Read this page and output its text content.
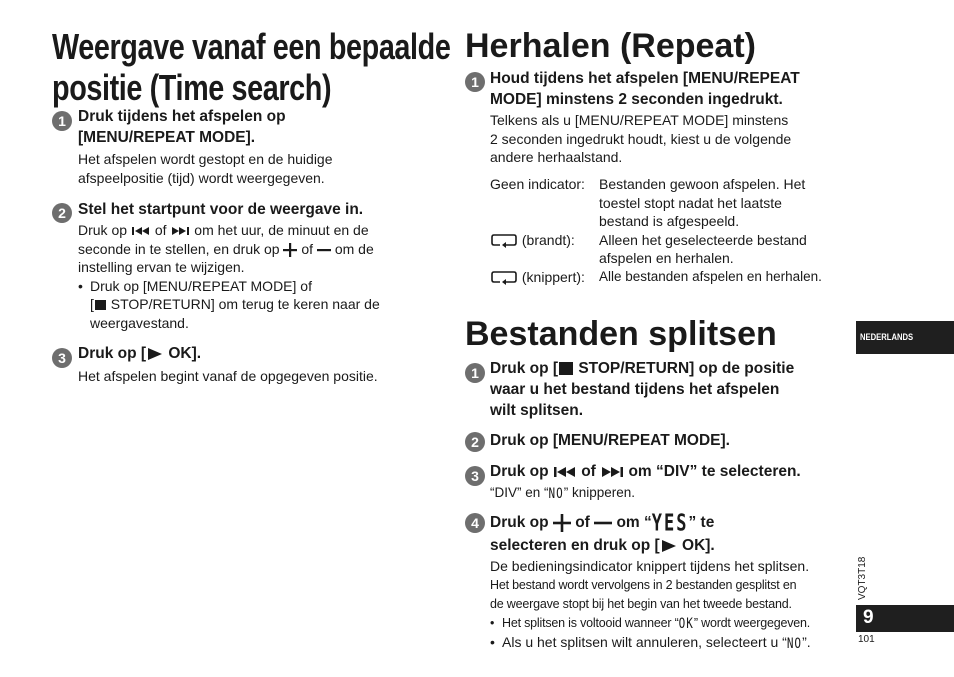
Weergave vanaf een bepaalde
positie (Time search)
1 Druk tijdens het afspelen op
[MENU/REPEAT MODE].
Het afspelen wordt gestopt en de huidige
afspeelpositie (tijd) wordt weergegeven.
2 Stel het startpunt voor de weergave in.
Druk op of om het uur, de minuut en de
seconde in te stellen, en druk op of om de
instelling ervan te wijzigen.
• Druk op [MENU/REPEAT MODE] of
[ STOP/RETURN] om terug te keren naar de
weergavestand.
3 Druk op [ OK].
Het afspelen begint vanaf de opgegeven positie.
Herhalen (Repeat)
1 Houd tijdens het afspelen [MENU/REPEAT
MODE] minstens 2 seconden ingedrukt.
Telkens als u [MENU/REPEAT MODE] minstens
2 seconden ingedrukt houdt, kiest u de volgende
andere herhaalstand.
Geen indicator:	Bestanden gewoon afspelen. Het
toestel stopt nadat het laatste
bestand is afgespeeld.
(brandt):	Alleen het geselecteerde bestand
afspelen en herhalen.
(knippert):	Alle bestanden afspelen en herhalen.
Bestanden splitsen
1 Druk op [ STOP/RETURN] op de positie
waar u het bestand tijdens het afspelen
wilt splitsen.
2 Druk op [MENU/REPEAT MODE].
3 Druk op of om “DIV” te selecteren.
“DIV” en “NO” knipperen.
4 Druk op of om “YES” te
selecteren en druk op [ OK].
De bedieningsindicator knippert tijdens het splitsen.
Het bestand wordt vervolgens in 2 bestanden gesplitst en
de weergave stopt bij het begin van het tweede bestand.
• Het splitsen is voltooid wanneer “OK” wordt weergegeven.
• Als u het splitsen wilt annuleren, selecteert u “NO”.
NEDERLANDS
VQT3T18
9
101
